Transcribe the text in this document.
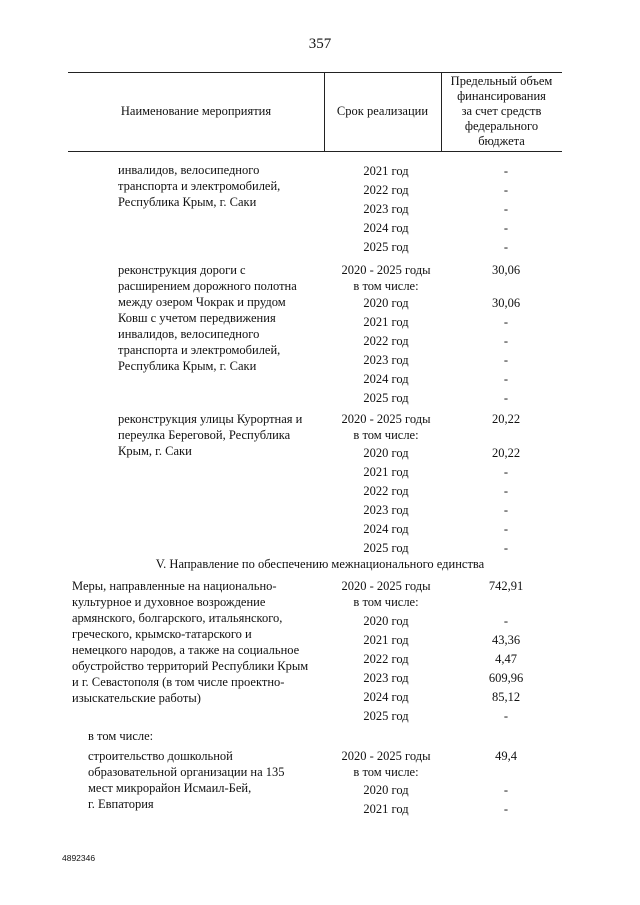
357
Наименование мероприятия	Срок реализации
Предельный объем
финансирования
за счет средств
федерального
бюджета
инвалидов, велосипедного
транспорта и электромобилей,
Республика Крым, г. Саки
2021 год
2022 год
2023 год
2024 год
2025 год
-
-
-
-
-
реконструкция дороги с
расширением дорожного полотна
между озером Чокрак и прудом
Ковш с учетом передвижения
инвалидов, велосипедного
транспорта и электромобилей,
Республика Крым, г. Саки
2020 - 2025 годы
в том числе:
2020 год
2021 год
2022 год
2023 год
2024 год
2025 год
30,06
30,06
-
-
-
-
-
реконструкция улицы Курортная и
переулка Береговой, Республика
Крым, г. Саки
2020 - 2025 годы
в том числе:
2020 год
2021 год
2022 год
2023 год
2024 год
2025 год
20,22
20,22
-
-
-
-
-
V. Направление по обеспечению межнационального единства
Меры, направленные на национально-
культурное и духовное возрождение
армянского, болгарского, итальянского,
греческого, крымско-татарского и
немецкого народов, а также на социальное
обустройство территорий Республики Крым
и г. Севастополя (в том числе проектно-
изыскательские работы)
2020 - 2025 годы
в том числе:
2020 год
2021 год
2022 год
2023 год
2024 год
2025 год
742,91
-
43,36
4,47
609,96
85,12
-
в том числе:
строительство дошкольной
образовательной организации на 135
мест микрорайон Исмаил-Бей,
г. Евпатория
2020 - 2025 годы
в том числе:
2020 год
2021 год
49,4
-
-
4892346
